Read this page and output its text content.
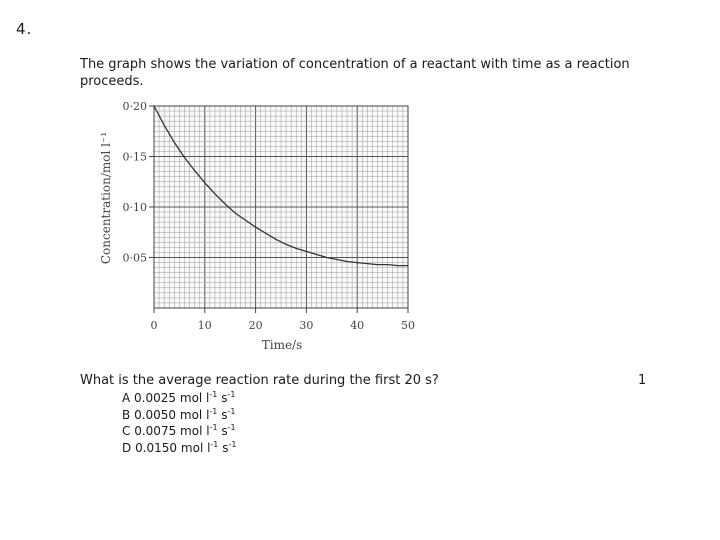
4.
The graph shows the variation of concentration of a reactant with time as a reaction proceeds.
0	10	20	30	40	50
0·05
0·10
0·15
0·20
Time/s
Concentration/mol l⁻¹
What is the average reaction rate during the first 20 s?	1
A 0.0025 mol $l^{-1}$ $s^{-1}$
B 0.0050 mol $l^{-1}$ $s^{-1}$
C 0.0075 mol $l^{-1}$ $s^{-1}$
D 0.0150 mol $l^{-1}$ $s^{-1}$
